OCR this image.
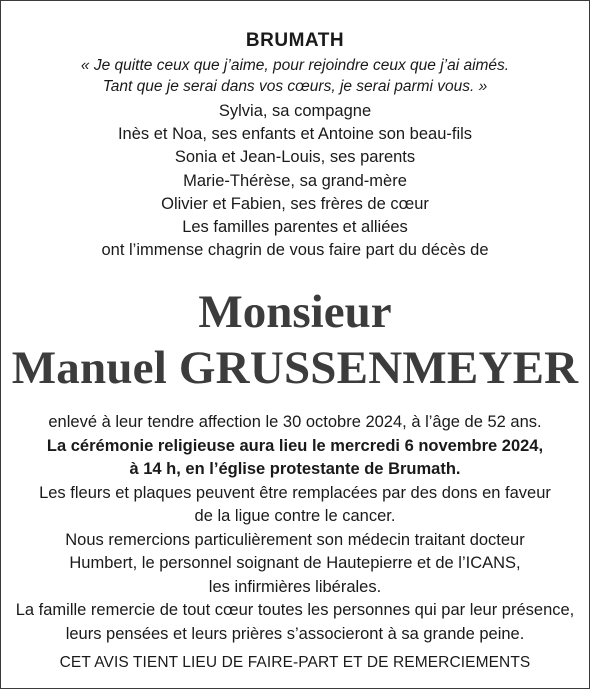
BRUMATH
« Je quitte ceux que j’aime, pour rejoindre ceux que j’ai aimés.
Tant que je serai dans vos cœurs, je serai parmi vous. »
Sylvia, sa compagne
Inès et Noa, ses enfants et Antoine son beau-fils
Sonia et Jean-Louis, ses parents
Marie-Thérèse, sa grand-mère
Olivier et Fabien, ses frères de cœur
Les familles parentes et alliées
ont l’immense chagrin de vous faire part du décès de
Monsieur
Manuel GRUSSENMEYER
enlevé à leur tendre affection le 30 octobre 2024, à l’âge de 52 ans.
La cérémonie religieuse aura lieu le mercredi 6 novembre 2024,
à 14 h, en l’église protestante de Brumath.
Les fleurs et plaques peuvent être remplacées par des dons en faveur
de la ligue contre le cancer.
Nous remercions particulièrement son médecin traitant docteur
Humbert, le personnel soignant de Hautepierre et de l’ICANS,
les infirmières libérales.
La famille remercie de tout cœur toutes les personnes qui par leur présence,
leurs pensées et leurs prières s’associeront à sa grande peine.
CET AVIS TIENT LIEU DE FAIRE-PART ET DE REMERCIEMENTS
